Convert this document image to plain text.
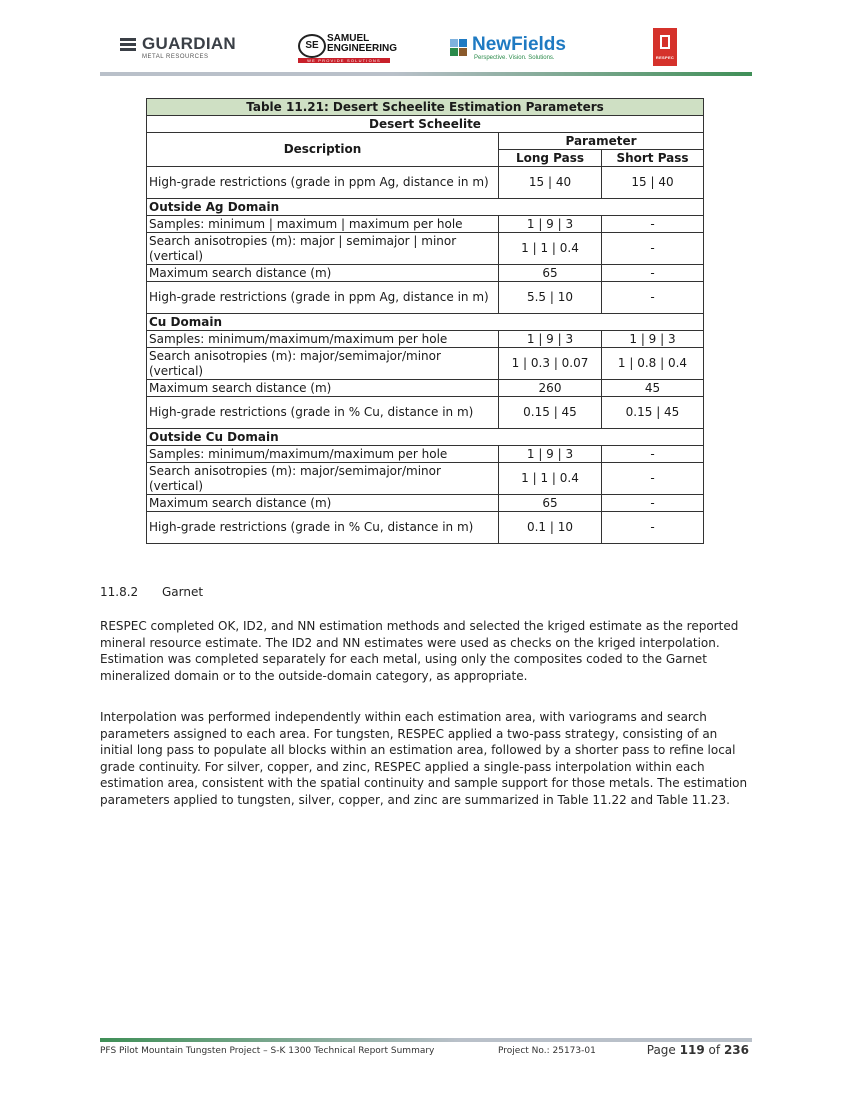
GUARDIAN
METAL RESOURCES
SE
SAMUEL
ENGINEERING
WE PROVIDE SOLUTIONS
NewFields
Perspective. Vision. Solutions.	RESPEC
Table 11.21: Desert Scheelite Estimation Parameters		
Desert Scheelite		
Description	Parameter	
	Long Pass	Short Pass
High-grade restrictions (grade in ppm Ag, distance in m)	15 | 40	15 | 40
Outside Ag Domain		
Samples: minimum | maximum | maximum per hole	1 | 9 | 3	-
Search anisotropies (m): major | semimajor | minor (vertical)	1 | 1 | 0.4	-
Maximum search distance (m)	65	-
High-grade restrictions (grade in ppm Ag, distance in m)	5.5 | 10	-
Cu Domain		
Samples: minimum/maximum/maximum per hole	1 | 9 | 3	1 | 9 | 3
Search anisotropies (m): major/semimajor/minor (vertical)	1 | 0.3 | 0.07	1 | 0.8 | 0.4
Maximum search distance (m)	260	45
High-grade restrictions (grade in % Cu, distance in m)	0.15 | 45	0.15 | 45
Outside Cu Domain		
Samples: minimum/maximum/maximum per hole	1 | 9 | 3	-
Search anisotropies (m): major/semimajor/minor (vertical)	1 | 1 | 0.4	-
Maximum search distance (m)	65	-
High-grade restrictions (grade in % Cu, distance in m)	0.1 | 10	-
11.8.2 Garnet

RESPEC completed OK, ID2, and NN estimation methods and selected the kriged estimate as the reported mineral resource estimate. The ID2 and NN estimates were used as checks on the kriged interpolation. Estimation was completed separately for each metal, using only the composites coded to the Garnet mineralized domain or to the outside-domain category, as appropriate.

Interpolation was performed independently within each estimation area, with variograms and search parameters assigned to each area. For tungsten, RESPEC applied a two-pass strategy, consisting of an initial long pass to populate all blocks within an estimation area, followed by a shorter pass to refine local grade continuity. For silver, copper, and zinc, RESPEC applied a single-pass interpolation within each estimation area, consistent with the spatial continuity and sample support for those metals. The estimation parameters applied to tungsten, silver, copper, and zinc are summarized in Table 11.22 and Table 11.23.

PFS Pilot Mountain Tungsten Project – S-K 1300 Technical Report Summary	Project No.: 25173-01	Page 119 of 236
